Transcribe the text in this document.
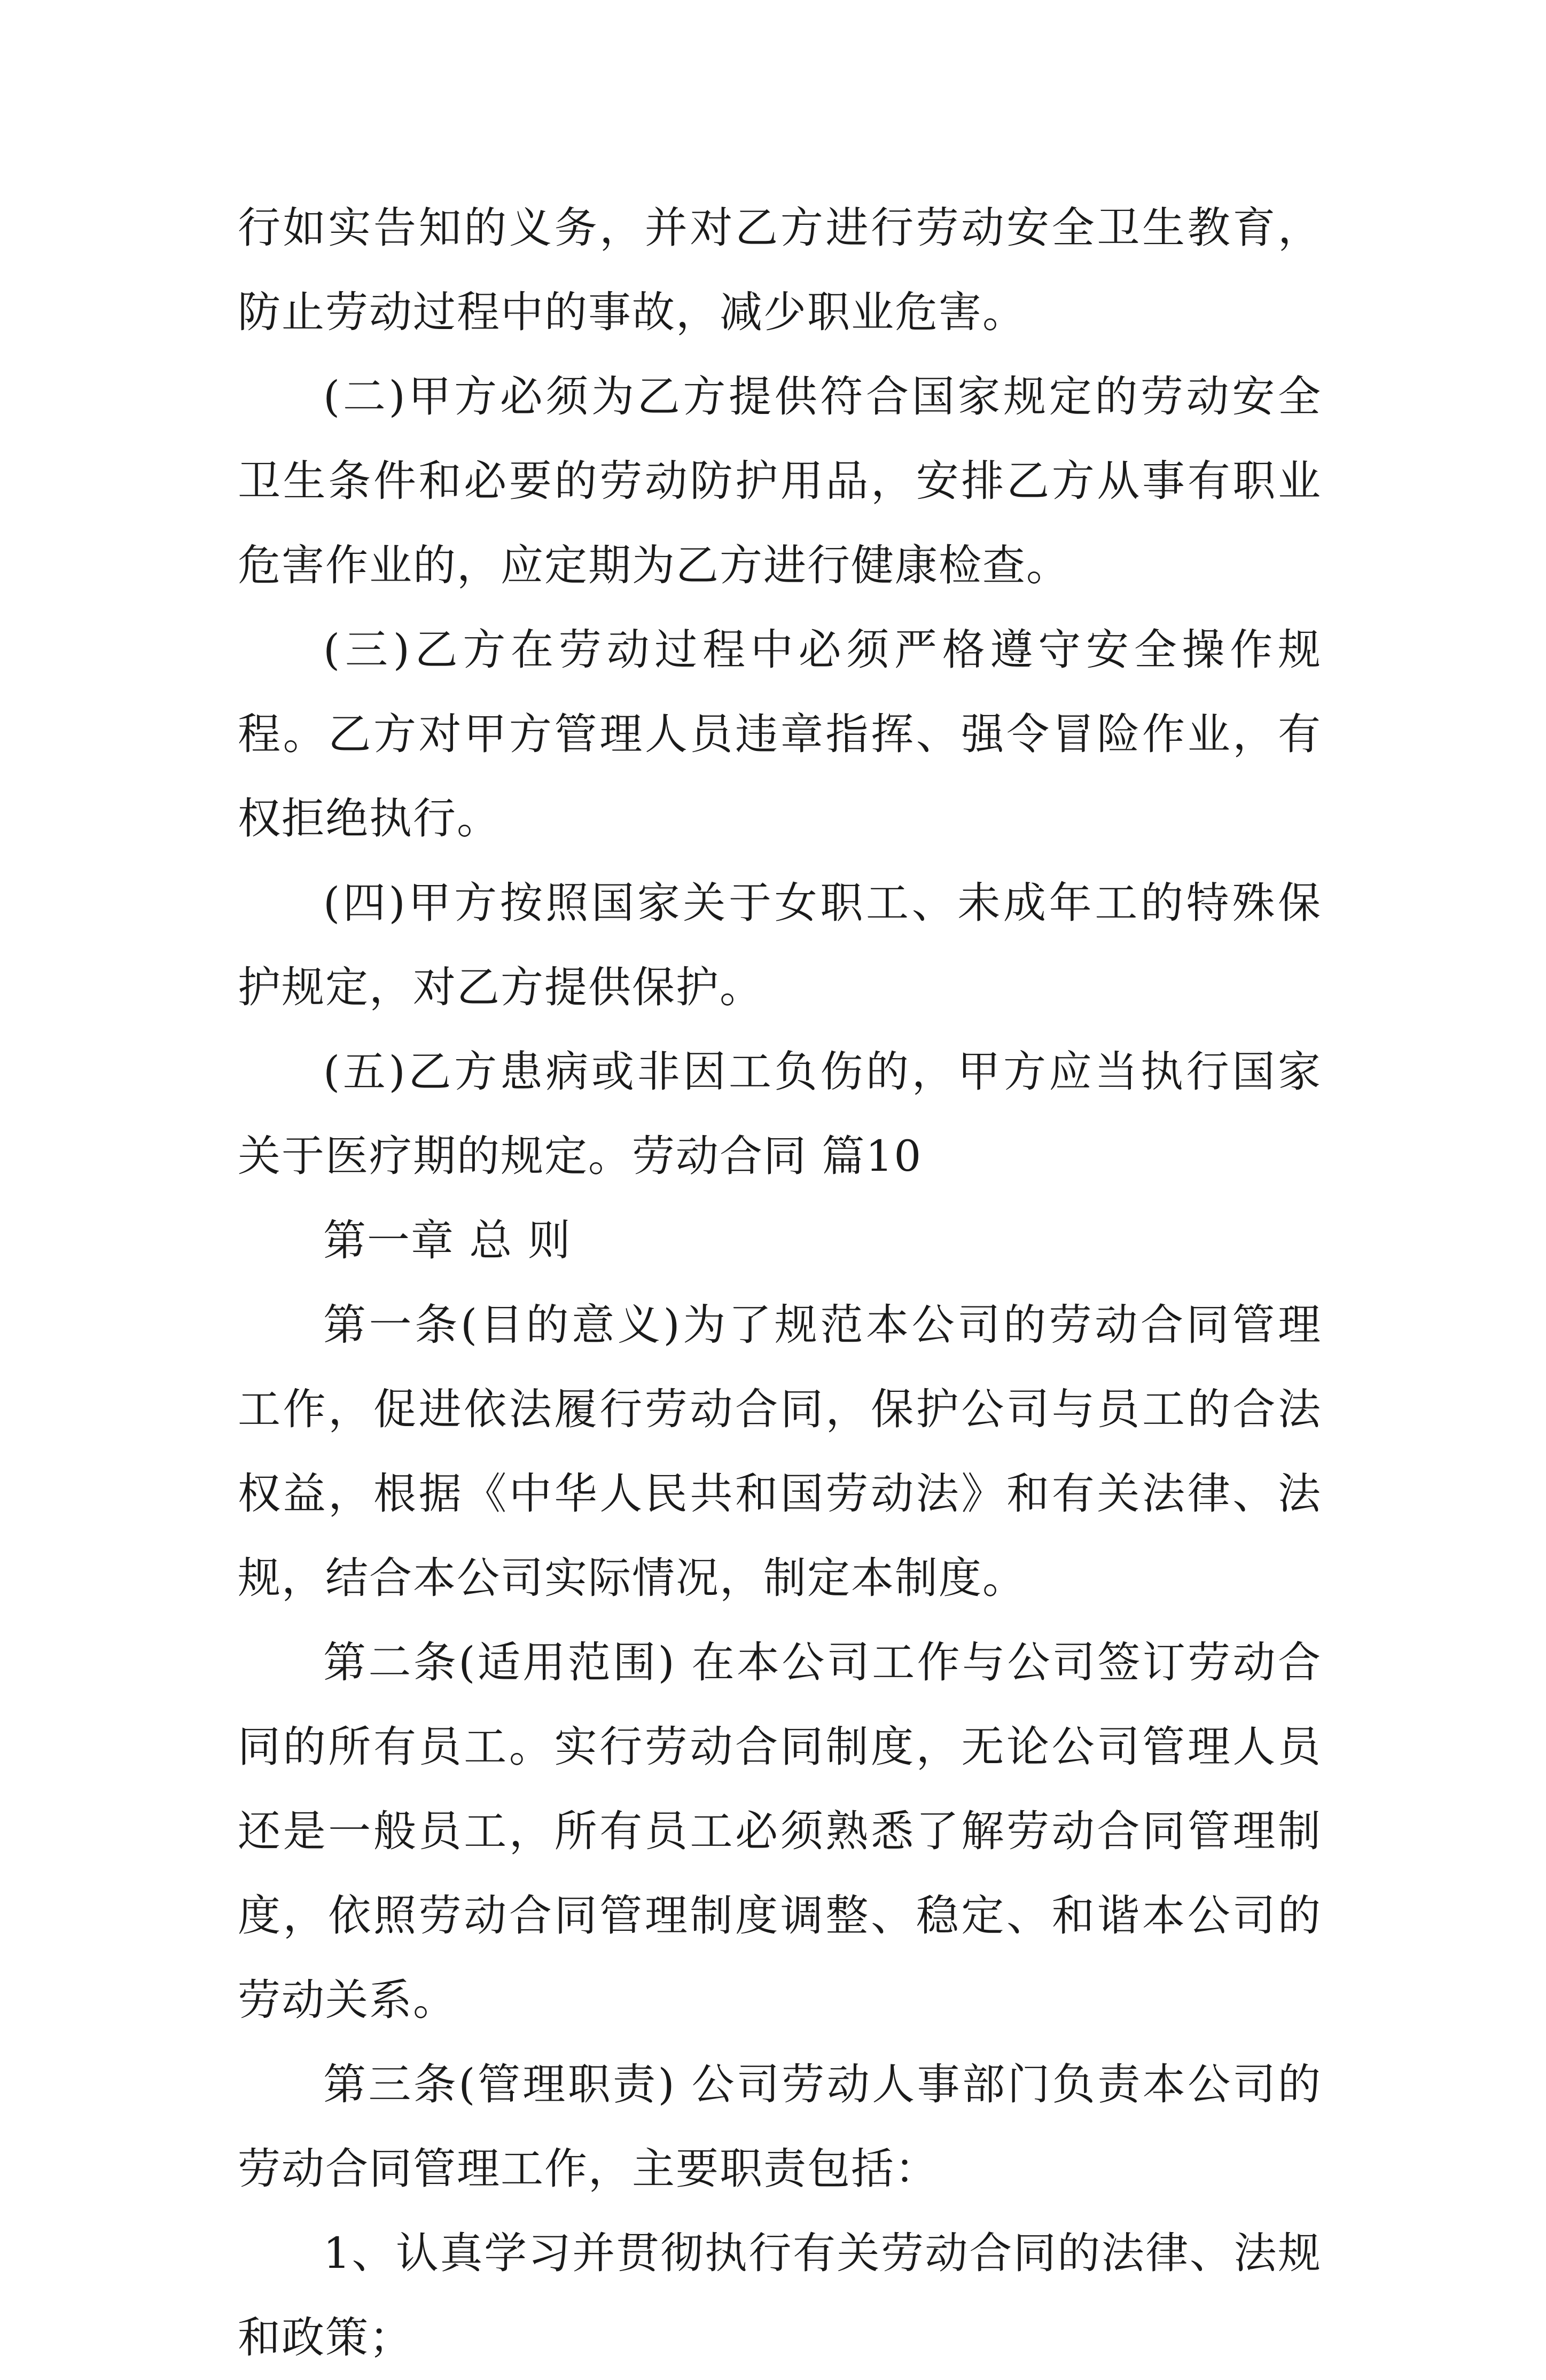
行如实告知的义务，并对乙方进行劳动安全卫生教育，防止劳动过程中的事故，减少职业危害。

(二)甲方必须为乙方提供符合国家规定的劳动安全卫生条件和必要的劳动防护用品，安排乙方从事有职业危害作业的，应定期为乙方进行健康检查。

(三)乙方在劳动过程中必须严格遵守安全操作规程。乙方对甲方管理人员违章指挥、强令冒险作业，有权拒绝执行。

(四)甲方按照国家关于女职工、未成年工的特殊保护规定，对乙方提供保护。

(五)乙方患病或非因工负伤的，甲方应当执行国家关于医疗期的规定。劳动合同 篇10

第一章 总 则

第一条(目的意义)为了规范本公司的劳动合同管理工作，促进依法履行劳动合同，保护公司与员工的合法权益，根据《中华人民共和国劳动法》和有关法律、法规，结合本公司实际情况，制定本制度。

第二条(适用范围) 在本公司工作与公司签订劳动合同的所有员工。实行劳动合同制度，无论公司管理人员还是一般员工，所有员工必须熟悉了解劳动合同管理制度，依照劳动合同管理制度调整、稳定、和谐本公司的劳动关系。

第三条(管理职责) 公司劳动人事部门负责本公司的劳动合同管理工作，主要职责包括：

1、认真学习并贯彻执行有关劳动合同的法律、法规和政策；
